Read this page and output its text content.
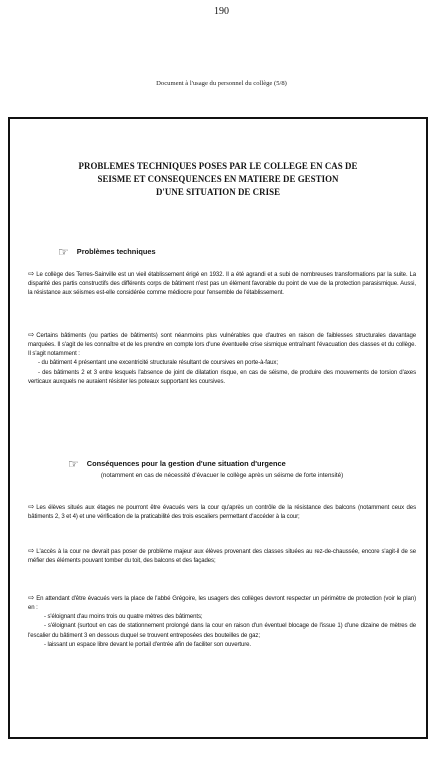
190
Document à l'usage du personnel du collège (5/8)
PROBLEMES TECHNIQUES POSES PAR LE COLLEGE EN CAS DE
SEISME ET CONSEQUENCES EN MATIERE DE GESTION
D'UNE SITUATION DE CRISE
☞ Problèmes techniques
⇨ Le collège des Terres-Sainville est un vieil établissement érigé en 1932. Il a été agrandi et a subi de nombreuses transformations par la suite. La disparité des partis constructifs des différents corps de bâtiment n'est pas un élément favorable du point de vue de la protection parasismique. Aussi, la résistance aux séismes est-elle considérée comme médiocre pour l'ensemble de l'établissement.
⇨ Certains bâtiments (ou parties de bâtiments) sont néanmoins plus vulnérables que d'autres en raison de faiblesses structurales davantage marquées. Il s'agit de les connaître et de les prendre en compte lors d'une éventuelle crise sismique entraînant l'évacuation des classes et du collège. Il s'agit notamment :
- du bâtiment 4 présentant une excentricité structurale résultant de coursives en porte-à-faux;
- des bâtiments 2 et 3 entre lesquels l'absence de joint de dilatation risque, en cas de séisme, de produire des mouvements de torsion d'axes verticaux auxquels ne auraient résister les poteaux supportant les coursives.
☞ Conséquences pour la gestion d'une situation d'urgence
(notamment en cas de nécessité d'évacuer le collège après un séisme de forte intensité)
⇨ Les élèves situés aux étages ne pourront être évacués vers la cour qu'après un contrôle de la résistance des balcons (notamment ceux des bâtiments 2, 3 et 4) et une vérification de la praticabilité des trois escaliers permettant d'accéder à la cour;
⇨ L'accès à la cour ne devrait pas poser de problème majeur aux élèves provenant des classes situées au rez-de-chaussée, encore s'agit-il de se méfier des éléments pouvant tomber du toit, des balcons et des façades;
⇨ En attendant d'être évacués vers la place de l'abbé Grégoire, les usagers des collèges devront respecter un périmètre de protection (voir le plan) en :
- s'éloignant d'au moins trois ou quatre mètres des bâtiments;
- s'éloignant (surtout en cas de stationnement prolongé dans la cour en raison d'un éventuel blocage de l'issue 1) d'une dizaine de mètres de l'escalier du bâtiment 3 en dessous duquel se trouvent entreposées des bouteilles de gaz;
- laissant un espace libre devant le portail d'entrée afin de faciliter son ouverture.
